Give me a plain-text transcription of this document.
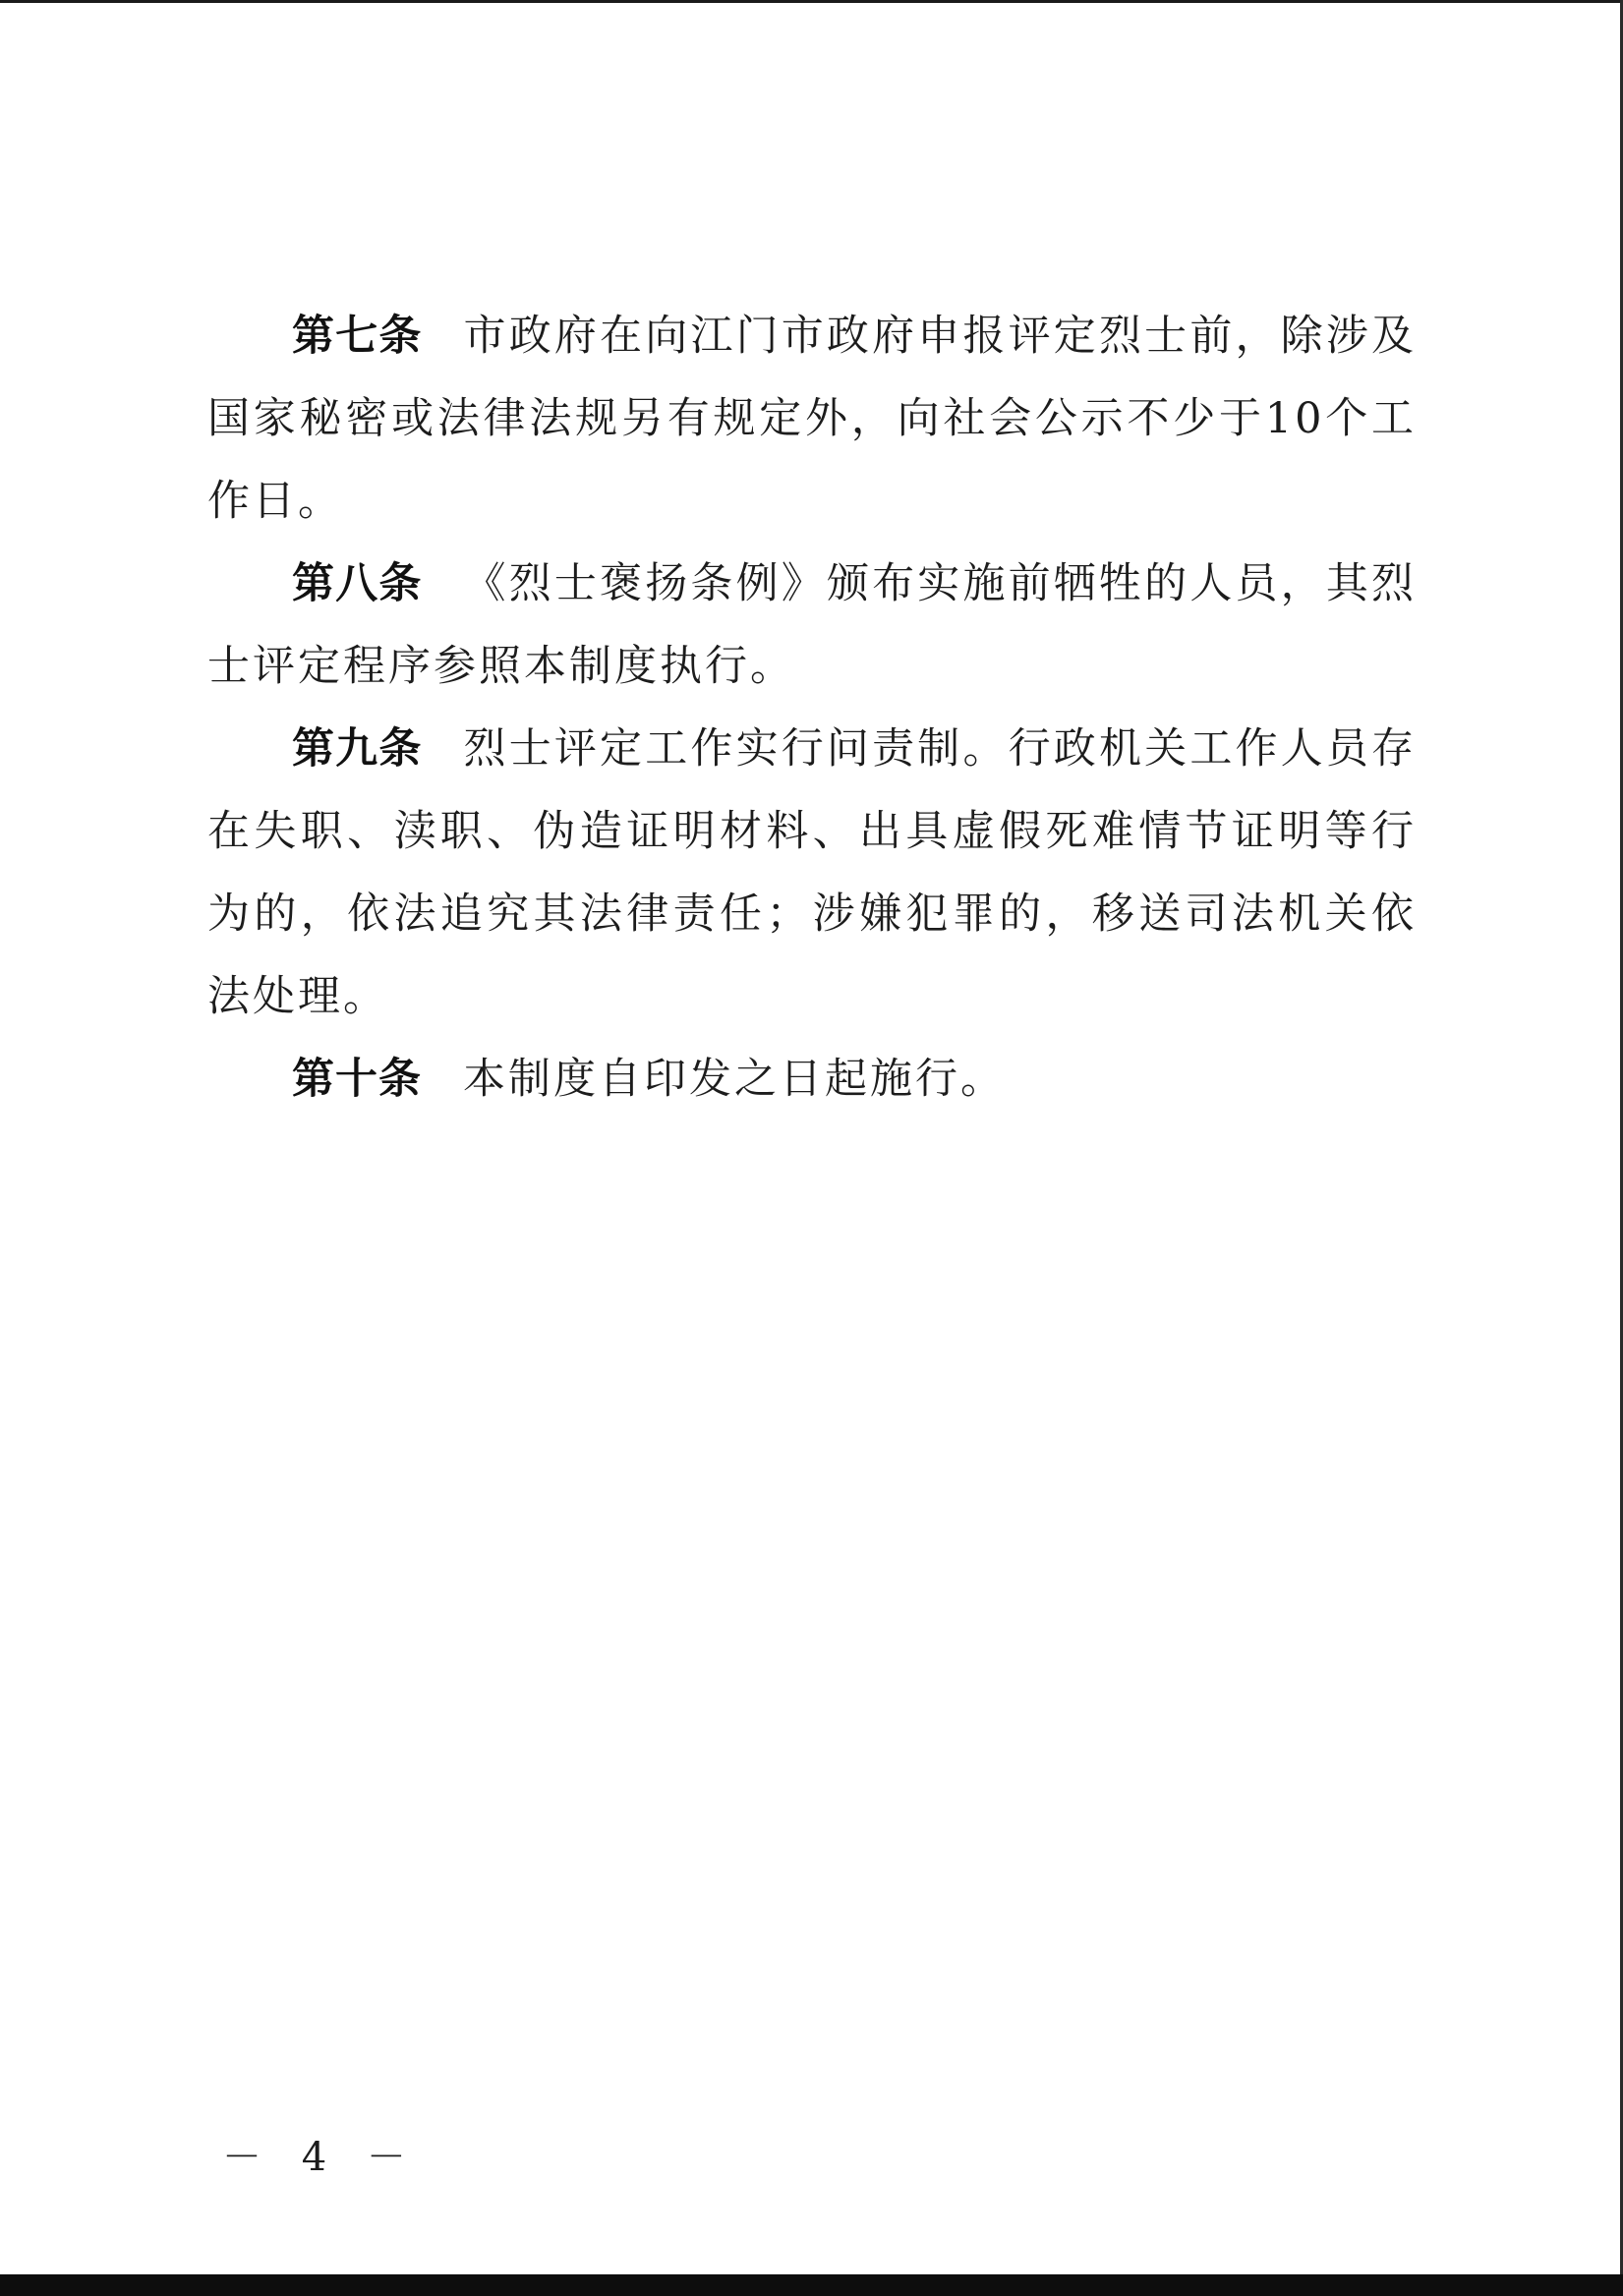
第七条 市政府在向江门市政府申报评定烈士前，除涉及国家秘密或法律法规另有规定外，向社会公示不少于10个工作日。

第八条 《烈士褒扬条例》颁布实施前牺牲的人员，其烈士评定程序参照本制度执行。

第九条 烈士评定工作实行问责制。行政机关工作人员存在失职、渎职、伪造证明材料、出具虚假死难情节证明等行为的，依法追究其法律责任；涉嫌犯罪的，移送司法机关依法处理。

第十条 本制度自印发之日起施行。

－ 4 －
